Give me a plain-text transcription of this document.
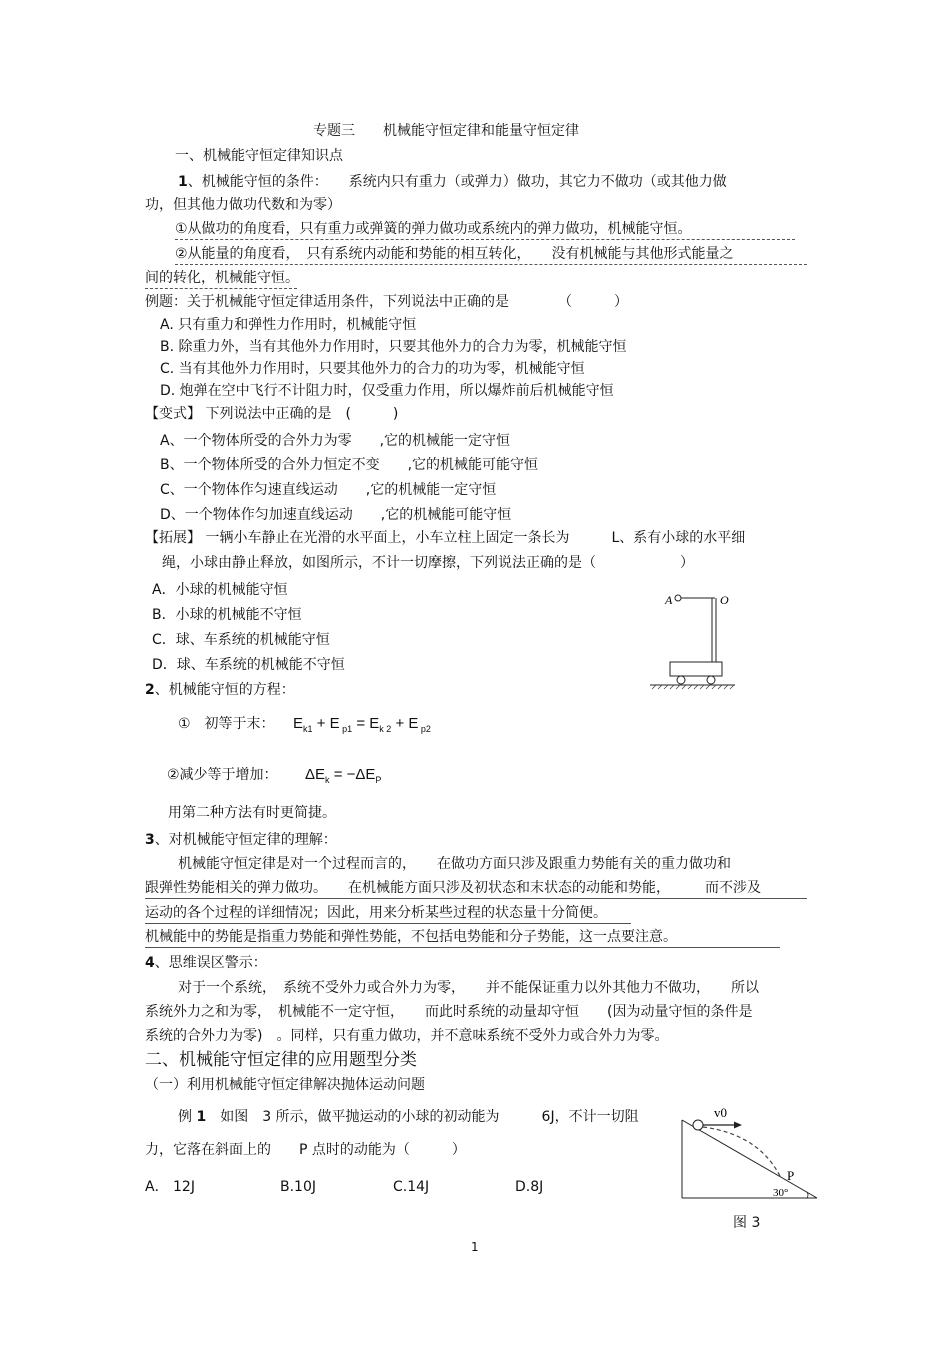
专题三　　机械能守恒定律和能量守恒定律
一、机械能守恒定律知识点
1、机械能守恒的条件：　　系统内只有重力（或弹力）做功，其它力不做功（或其他力做
功，但其他力做功代数和为零）
①从做功的角度看，只有重力或弹簧的弹力做功或系统内的弹力做功，机械能守恒。
②从能量的角度看，　只有系统内动能和势能的相互转化，　　没有机械能与其他形式能量之
间的转化，机械能守恒。
例题：关于机械能守恒定律适用条件，下列说法中正确的是　　　　（　　　）
A. 只有重力和弹性力作用时，机械能守恒
B. 除重力外，当有其他外力作用时，只要其他外力的合力为零，机械能守恒
C. 当有其他外力作用时，只要其他外力的合力的功为零，机械能守恒
D. 炮弹在空中飞行不计阻力时，仅受重力作用，所以爆炸前后机械能守恒
【变式】 下列说法中正确的是　(　　　)
A、一个物体所受的合外力为零　　,它的机械能一定守恒
B、一个物体所受的合外力恒定不变　　,它的机械能可能守恒
C、一个物体作匀速直线运动　　,它的机械能一定守恒
D、一个物体作匀加速直线运动　　,它的机械能可能守恒
【拓展】 一辆小车静止在光滑的水平面上，小车立柱上固定一条长为　　　L、系有小球的水平细
绳，小球由静止释放，如图所示，不计一切摩擦，下列说法正确的是（　　　　　　）
A．小球的机械能守恒
B．小球的机械能不守恒
C．球、车系统的机械能守恒
D．球、车系统的机械能不守恒
A	O
2、机械能守恒的方程：
①　初等于末： $E_{k1} + E$ $_{p1} = E_{k 2} + E$ $_{p2}$
②减少等于增加： $\Delta E_k = -\Delta E_P$
用第二种方法有时更简捷。
3、对机械能守恒定律的理解：
机械能守恒定律是对一个过程而言的，　　在做功方面只涉及跟重力势能有关的重力做功和
跟弹性势能相关的弹力做功。　　在机械能方面只涉及初状态和末状态的动能和势能，　　　而不涉及
运动的各个过程的详细情况；因此，用来分析某些过程的状态量十分简便。
机械能中的势能是指重力势能和弹性势能，不包括电势能和分子势能，这一点要注意。
4、思维误区警示：
对于一个系统，　系统不受外力或合外力为零，　　并不能保证重力以外其他力不做功，　　所以
系统外力之和为零，　机械能不一定守恒，　　而此时系统的动量却守恒　　(因为动量守恒的条件是
系统的合外力为零)　。同样，只有重力做功，并不意味系统不受外力或合外力为零。
二、机械能守恒定律的应用题型分类
（一）利用机械能守恒定律解决抛体运动问题
例 1　 如图　3 所示，做平抛运动的小球的初动能为　　　6J，不计一切阻
力，它落在斜面上的　　P 点时的动能为（　　　）
A． 12J	B.10J	C.14J	D.8J
v0
P
30°
图 3
1
